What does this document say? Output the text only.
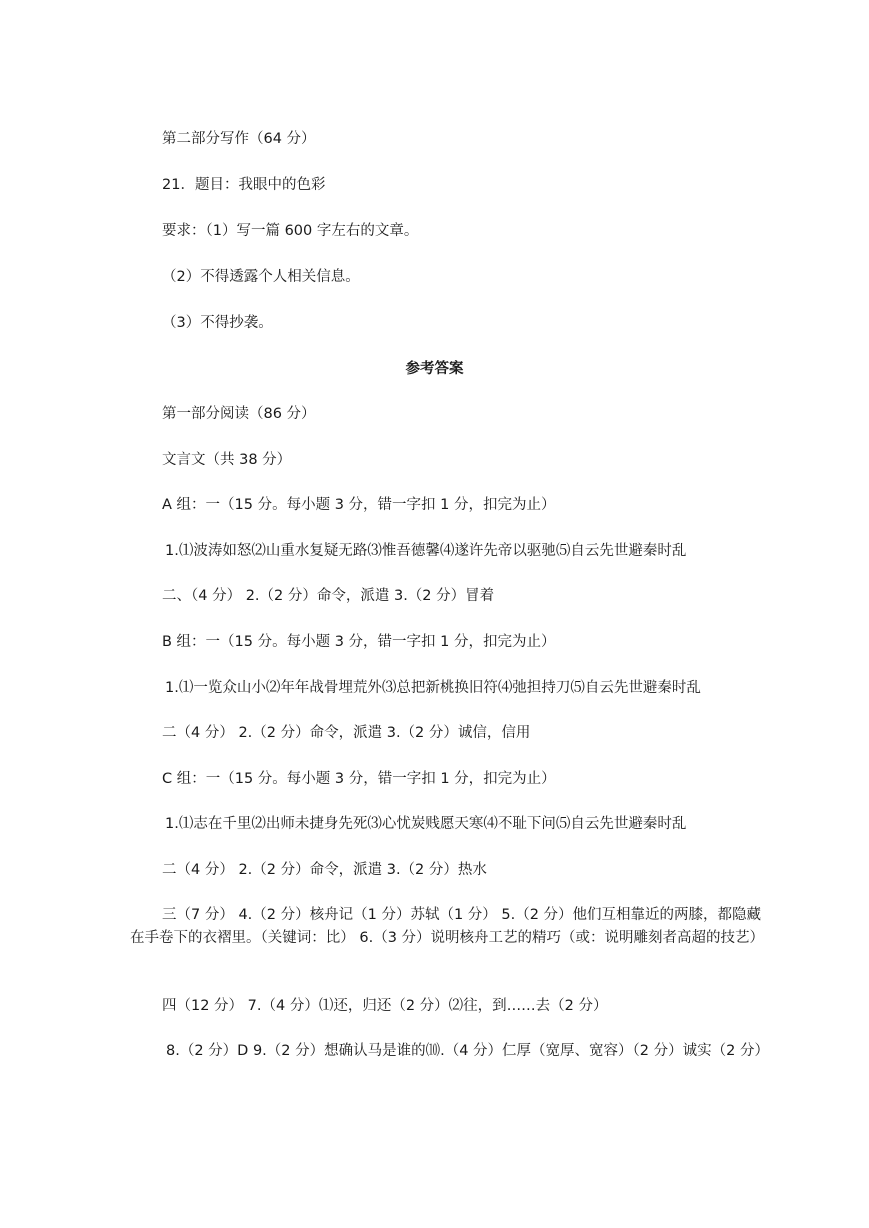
第二部分写作（64 分）
21．题目：我眼中的色彩
要求：（1）写一篇 600 字左右的文章。
（2）不得透露个人相关信息。
（3）不得抄袭。
参考答案
第一部分阅读（86 分）
文言文（共 38 分）
A 组：一（15 分。每小题 3 分，错一字扣 1 分，扣完为止）
1.⑴波涛如怒⑵山重水复疑无路⑶惟吾德馨⑷遂许先帝以驱驰⑸自云先世避秦时乱
二、（4 分） 2.（2 分）命令，派遣 3.（2 分）冒着
B 组：一（15 分。每小题 3 分，错一字扣 1 分，扣完为止）
1.⑴一览众山小⑵年年战骨埋荒外⑶总把新桃换旧符⑷弛担持刀⑸自云先世避秦时乱
二（4 分） 2.（2 分）命令，派遣 3.（2 分）诚信，信用
C 组：一（15 分。每小题 3 分，错一字扣 1 分，扣完为止）
1.⑴志在千里⑵出师未捷身先死⑶心忧炭贱愿天寒⑷不耻下问⑸自云先世避秦时乱
二（4 分） 2.（2 分）命令，派遣 3.（2 分）热水
三（7 分） 4.（2 分）核舟记（1 分）苏轼（1 分） 5.（2 分）他们互相靠近的两膝，都隐藏在手卷下的衣褶里。（关键词：比） 6.（3 分）说明核舟工艺的精巧（或：说明雕刻者高超的技艺）
四（12 分） 7.（4 分）⑴还，归还（2 分）⑵往，到……去（2 分）
8.（2 分）D 9.（2 分）想确认马是谁的⑽.（4 分）仁厚（宽厚、宽容）（2 分）诚实（2 分）
